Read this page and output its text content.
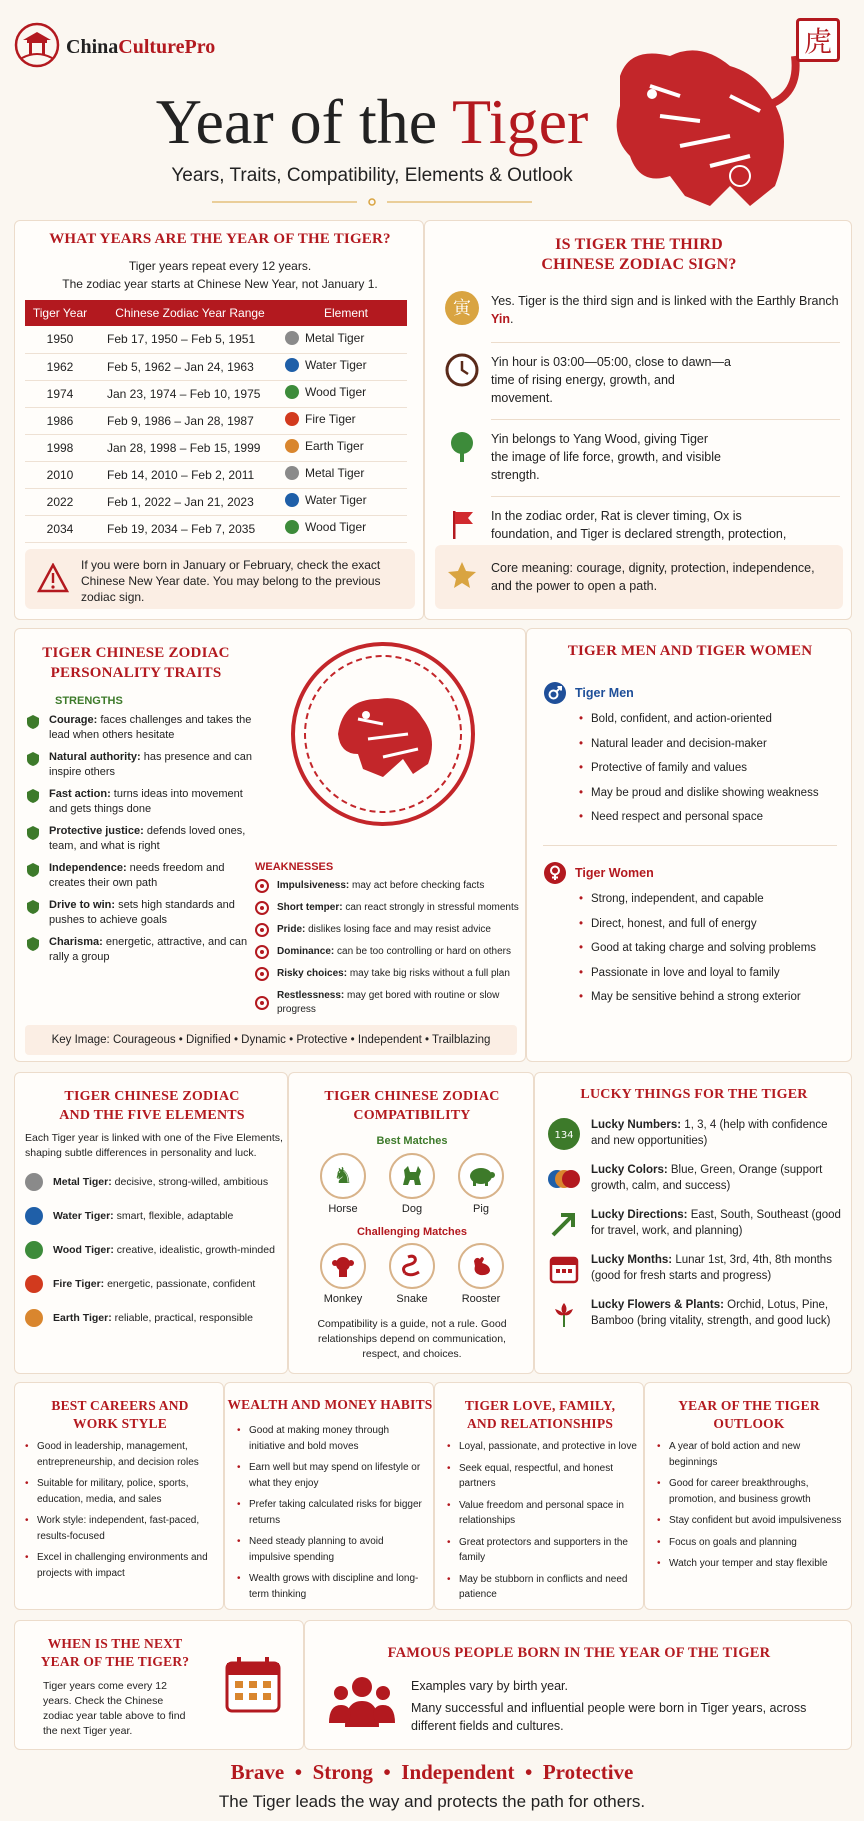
ChinaCulturePro
Year of the Tiger
Years, Traits, Compatibility, Elements & Outlook
虎
WHAT YEARS ARE THE YEAR OF THE TIGER?
Tiger years repeat every 12 years.
The zodiac year starts at Chinese New Year, not January 1.
Tiger Year	Chinese Zodiac Year Range	Element
1950	Feb 17, 1950 – Feb 5, 1951	Metal Tiger

1962	Feb 5, 1962 – Jan 24, 1963	Water Tiger

1974	Jan 23, 1974 – Feb 10, 1975	Wood Tiger

1986	Feb 9, 1986 – Jan 28, 1987	Fire Tiger

1998	Jan 28, 1998 – Feb 15, 1999	Earth Tiger

2010	Feb 14, 2010 – Feb 2, 2011	Metal Tiger

2022	Feb 1, 2022 – Jan 21, 2023	Water Tiger

2034	Feb 19, 2034 – Feb 7, 2035	Wood Tiger
If you were born in January or February, check the exact Chinese New Year date. You may belong to the previous zodiac sign.
IS TIGER THE THIRD
CHINESE ZODIAC SIGN?
寅 Yes. Tiger is the third sign and is linked with the Earthly Branch Yin.
Yin hour is 03:00—05:00, close to dawn—a time of rising energy, growth, and movement.
Yin belongs to Yang Wood, giving Tiger the image of life force, growth, and visible strength.
In the zodiac order, Rat is clever timing, Ox is foundation, and Tiger is declared strength, protection,
Core meaning: courage, dignity, protection, independence, and the power to open a path.
TIGER CHINESE ZODIAC
PERSONALITY TRAITS
STRENGTHS
Courage: faces challenges and takes the lead when others hesitate
Natural authority: has presence and can inspire others
Fast action: turns ideas into movement and gets things done
Protective justice: defends loved ones, team, and what is right
Independence: needs freedom and creates their own path
Drive to win: sets high standards and pushes to achieve goals
Charisma: energetic, attractive, and can rally a group
WEAKNESSES
Impulsiveness: may act before checking facts
Short temper: can react strongly in stressful moments
Pride: dislikes losing face and may resist advice
Dominance: can be too controlling or hard on others
Risky choices: may take big risks without a full plan
Restlessness: may get bored with routine or slow progress
Key Image: Courageous • Dignified • Dynamic • Protective • Independent • Trailblazing
TIGER MEN AND TIGER WOMEN
Tiger Men
• Bold, confident, and action-oriented
• Natural leader and decision-maker
• Protective of family and values
• May be proud and dislike showing weakness
• Need respect and personal space
Tiger Women
• Strong, independent, and capable
• Direct, honest, and full of energy
• Good at taking charge and solving problems
• Passionate in love and loyal to family
• May be sensitive behind a strong exterior
TIGER CHINESE ZODIAC
AND THE FIVE ELEMENTS
Each Tiger year is linked with one of the Five Elements, shaping subtle differences in personality and luck.
Metal Tiger: decisive, strong-willed, ambitious
Water Tiger: smart, flexible, adaptable
Wood Tiger: creative, idealistic, growth-minded
Fire Tiger: energetic, passionate, confident
Earth Tiger: reliable, practical, responsible
TIGER CHINESE ZODIAC
COMPATIBILITY
Best Matches
♞
Horse	Dog	Pig
Challenging Matches
Monkey	Snake	Rooster
Compatibility is a guide, not a rule. Good relationships depend on communication, respect, and choices.
LUCKY THINGS FOR THE TIGER
134
Lucky Numbers: 1, 3, 4 (help with confidence and new opportunities)
Lucky Colors: Blue, Green, Orange (support growth, calm, and success)
Lucky Directions: East, South, Southeast (good for travel, work, and planning)
Lucky Months: Lunar 1st, 3rd, 4th, 8th months (good for fresh starts and progress)
Lucky Flowers & Plants: Orchid, Lotus, Pine, Bamboo (bring vitality, strength, and good luck)
BEST CAREERS AND
WORK STYLE
• Good in leadership, management, entrepreneurship, and decision roles
• Suitable for military, police, sports, education, media, and sales
• Work style: independent, fast-paced, results-focused
• Excel in challenging environments and projects with impact
WEALTH AND MONEY HABITS
• Good at making money through initiative and bold moves
• Earn well but may spend on lifestyle or what they enjoy
• Prefer taking calculated risks for bigger returns
• Need steady planning to avoid impulsive spending
• Wealth grows with discipline and long-term thinking
TIGER LOVE, FAMILY,
AND RELATIONSHIPS
• Loyal, passionate, and protective in love
• Seek equal, respectful, and honest partners
• Value freedom and personal space in relationships
• Great protectors and supporters in the family
• May be stubborn in conflicts and need patience
YEAR OF THE TIGER
OUTLOOK
• A year of bold action and new beginnings
• Good for career breakthroughs, promotion, and business growth
• Stay confident but avoid impulsiveness
• Focus on goals and planning
• Watch your temper and stay flexible
WHEN IS THE NEXT
YEAR OF THE TIGER?
Tiger years come every 12 years. Check the Chinese zodiac year table above to find the next Tiger year.
FAMOUS PEOPLE BORN IN THE YEAR OF THE TIGER
Examples vary by birth year.
Many successful and influential people were born in Tiger years, across different fields and cultures.
Brave  •  Strong  •  Independent  •  Protective
The Tiger leads the way and protects the path for others.
